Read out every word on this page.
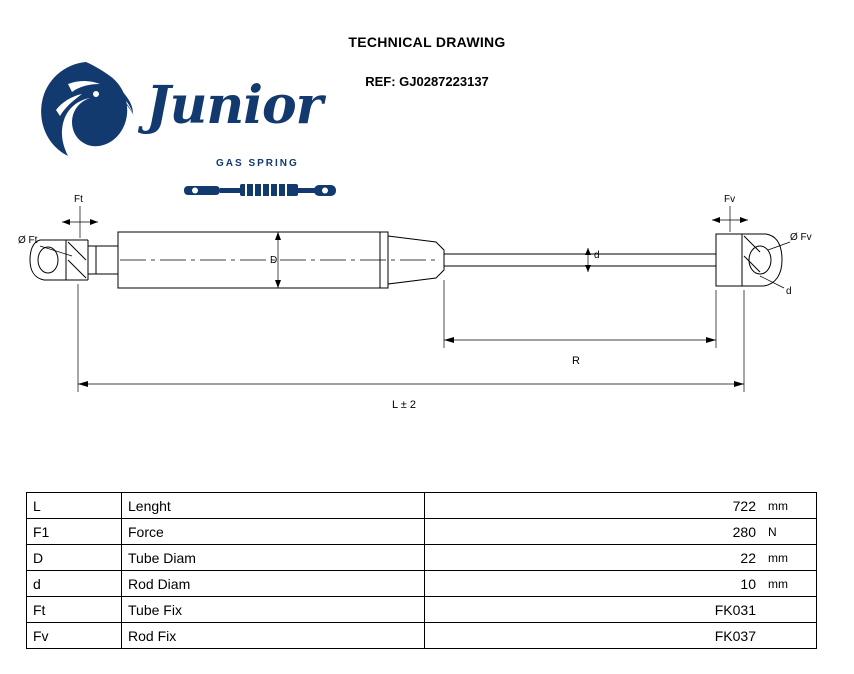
TECHNICAL DRAWING
REF: GJ0287223137
Junior
GAS SPRING
Ft
Ø Ft
Fv
Ø Fv
d
D	d
R
L ± 2
L	Lenght	722	mm
F1	Force	280	N
D	Tube Diam	22	mm
d	Rod Diam	10	mm
Ft	Tube Fix	FK031	
Fv	Rod Fix	FK037	
